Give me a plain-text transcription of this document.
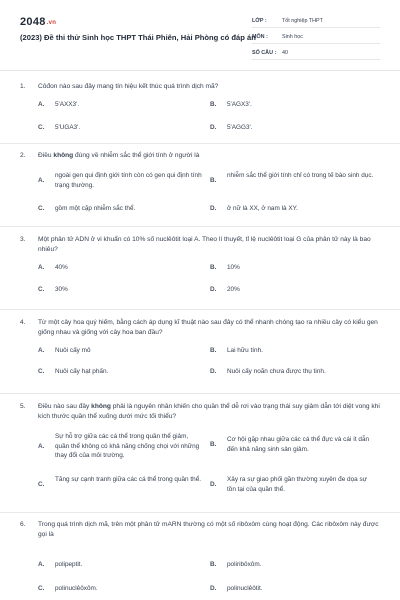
2048.vn
(2023) Đề thi thử Sinh học THPT Thái Phiên, Hải Phòng có đáp án
LỚP :	Tốt nghiệp THPT
MÔN :	Sinh học
SỐ CÂU :	40
1.	Côđon nào sau đây mang tín hiệu kết thúc quá trình dịch mã?
A.	5'AXX3'.	B.	5'AGX3'.
C.	5'UGA3'.	D.	5'AGG3'.
2.	Điều không đúng về nhiễm sắc thể giới tính ở người là
A.
ngoài gen qui định giới tính còn có gen qui định tính trạng thường.
B.
nhiễm sắc thể giới tính chỉ có trong tế bào sinh dục.
C.	gồm một cặp nhiễm sắc thể.	D.	ở nữ là XX, ở nam là XY.
3.	Một phân tử ADN ở vi khuẩn có 10% số nuclêôtit loại A. Theo lí thuyết, tỉ lệ nuclêôtit loại G của phân tử này là bao nhiêu?
A.	40%	B.	10%
C.	30%	D.	20%
4.	Từ một cây hoa quý hiếm, bằng cách áp dụng kĩ thuật nào sau đây có thể nhanh chóng tạo ra nhiều cây có kiểu gen giống nhau và giống với cây hoa ban đầu?
A.	Nuôi cấy mô	B.	Lai hữu tính.
C.	Nuôi cấy hạt phấn.	D.	Nuôi cấy noãn chưa được thụ tinh.
5.	Điều nào sau đây không phải là nguyên nhân khiến cho quần thể dễ rơi vào trạng thái suy giảm dẫn tới diệt vong khi kích thước quần thể xuống dưới mức tối thiểu?
A.
Sự hỗ trợ giữa các cá thể trong quần thể giảm, quần thể không có khả năng chống chọi với những thay đổi của môi trường.
B.
Cơ hội gặp nhau giữa các cá thể đực và cái ít dẫn đến khả năng sinh sản giảm.
C.
Tăng sự cạnh tranh giữa các cá thể trong quần thể.
D.
Xảy ra sự giao phối gần thường xuyên đe dọa sự tồn tại của quần thể.
6.	Trong quá trình dịch mã, trên một phân tử mARN thường có một số ribôxôm cùng hoạt động. Các ribôxôm này được gọi là
A.	polipeptit.	B.	poliribôxôm.
C.	polinuclêôxôm.	D.	polinuclêôtit.
